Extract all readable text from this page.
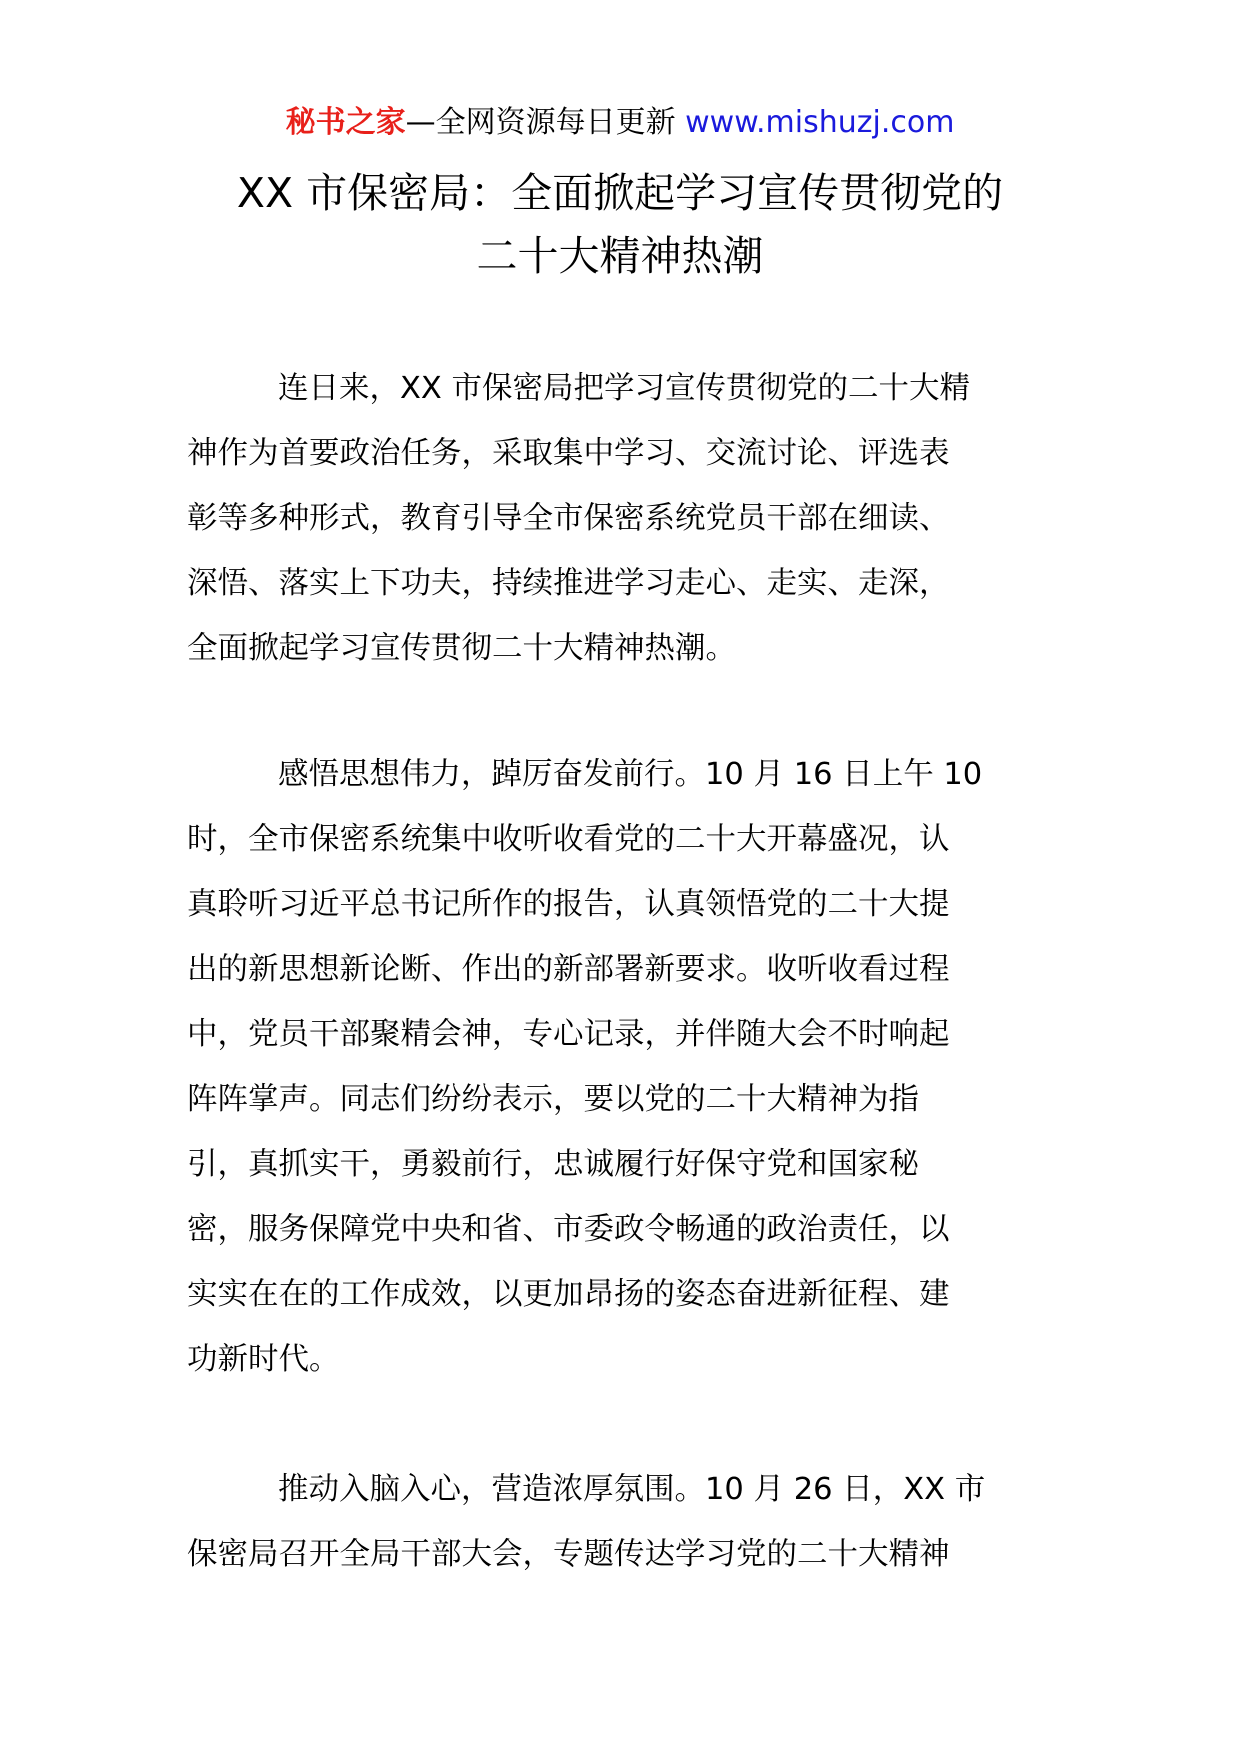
秘书之家—全网资源每日更新 www.mishuzj.com
XX 市保密局：全面掀起学习宣传贯彻党的
二十大精神热潮

连日来，XX 市保密局把学习宣传贯彻党的二十大精
神作为首要政治任务，采取集中学习、交流讨论、评选表
彰等多种形式，教育引导全市保密系统党员干部在细读、
深悟、落实上下功夫，持续推进学习走心、走实、走深，
全面掀起学习宣传贯彻二十大精神热潮。

感悟思想伟力，踔厉奋发前行。10 月 16 日上午 10
时，全市保密系统集中收听收看党的二十大开幕盛况，认
真聆听习近平总书记所作的报告，认真领悟党的二十大提
出的新思想新论断、作出的新部署新要求。收听收看过程
中，党员干部聚精会神，专心记录，并伴随大会不时响起
阵阵掌声。同志们纷纷表示，要以党的二十大精神为指
引，真抓实干，勇毅前行，忠诚履行好保守党和国家秘
密，服务保障党中央和省、市委政令畅通的政治责任，以
实实在在的工作成效，以更加昂扬的姿态奋进新征程、建
功新时代。

推动入脑入心，营造浓厚氛围。10 月 26 日，XX 市
保密局召开全局干部大会，专题传达学习党的二十大精神
